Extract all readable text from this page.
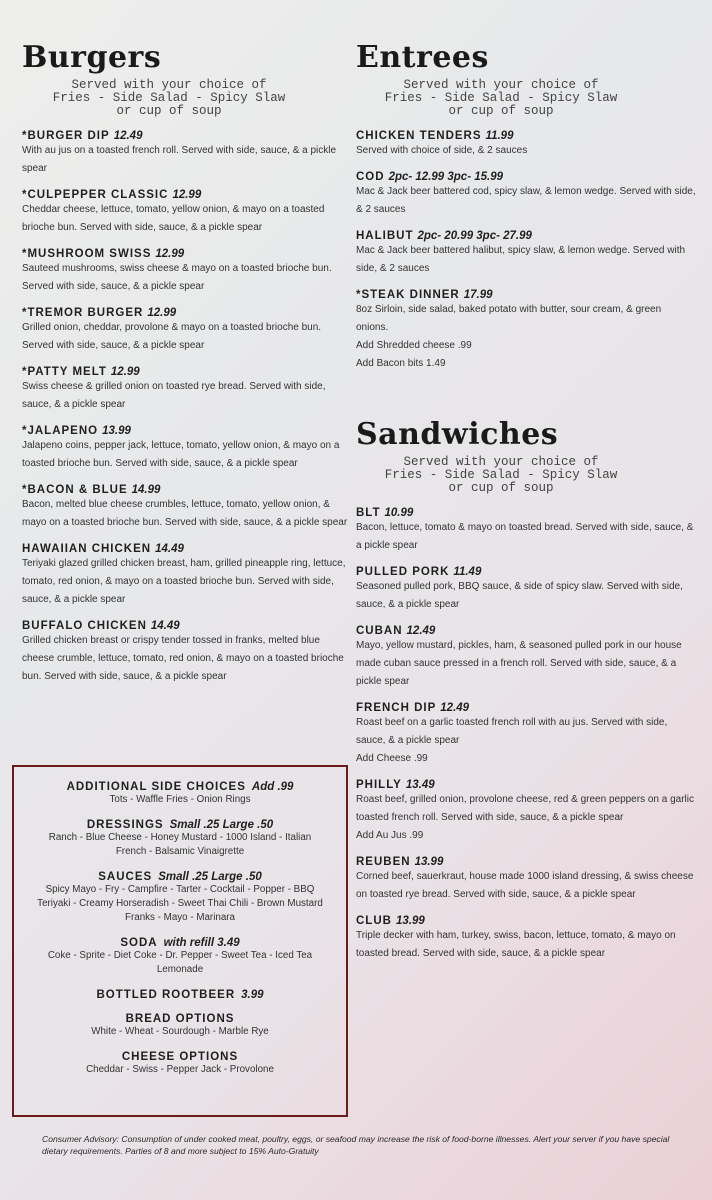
Burgers
Served with your choice of
Fries - Side Salad - Spicy Slaw
or cup of soup
*BURGER DIP 12.49
With au jus on a toasted french roll. Served with side, sauce, & a pickle spear
*CULPEPPER CLASSIC 12.99
Cheddar cheese, lettuce, tomato, yellow onion, & mayo on a toasted brioche bun. Served with side, sauce, & a pickle spear
*MUSHROOM SWISS 12.99
Sauteed mushrooms, swiss cheese & mayo on a toasted brioche bun. Served with side, sauce, & a pickle spear
*TREMOR BURGER 12.99
Grilled onion, cheddar, provolone & mayo on a toasted brioche bun. Served with side, sauce, & a pickle spear
*PATTY MELT 12.99
Swiss cheese & grilled onion on toasted rye bread. Served with side, sauce, & a pickle spear
*JALAPENO 13.99
Jalapeno coins, pepper jack, lettuce, tomato, yellow onion, & mayo on a toasted brioche bun. Served with side, sauce, & a pickle spear
*BACON & BLUE 14.99
Bacon, melted blue cheese crumbles, lettuce, tomato, yellow onion, & mayo on a toasted brioche bun. Served with side, sauce, & a pickle spear
HAWAIIAN CHICKEN 14.49
Teriyaki glazed grilled chicken breast, ham, grilled pineapple ring, lettuce, tomato, red onion, & mayo on a toasted brioche bun. Served with side, sauce, & a pickle spear
BUFFALO CHICKEN 14.49
Grilled chicken breast or crispy tender tossed in franks, melted blue cheese crumble, lettuce, tomato, red onion, & mayo on a toasted brioche bun. Served with side, sauce, & a pickle spear
Entrees
Served with your choice of
Fries - Side Salad - Spicy Slaw
or cup of soup
CHICKEN TENDERS 11.99
Served with choice of side, & 2 sauces
COD 2pc- 12.99 3pc- 15.99
Mac & Jack beer battered cod, spicy slaw, & lemon wedge. Served with side, & 2 sauces
HALIBUT 2pc- 20.99 3pc- 27.99
Mac & Jack beer battered halibut, spicy slaw, & lemon wedge. Served with side, & 2 sauces
*STEAK DINNER 17.99
8oz Sirloin, side salad, baked potato with butter, sour cream, & green onions.
Add Shredded cheese .99
Add Bacon bits 1.49
Sandwiches
Served with your choice of
Fries - Side Salad - Spicy Slaw
or cup of soup
BLT 10.99
Bacon, lettuce, tomato & mayo on toasted bread. Served with side, sauce, & a pickle spear
PULLED PORK 11.49
Seasoned pulled pork, BBQ sauce, & side of spicy slaw. Served with side, sauce, & a pickle spear
CUBAN 12.49
Mayo, yellow mustard, pickles, ham, & seasoned pulled pork in our house made cuban sauce pressed in a french roll. Served with side, sauce, & a pickle spear
FRENCH DIP 12.49
Roast beef on a garlic toasted french roll with au jus. Served with side, sauce, & a pickle spear
Add Cheese .99
PHILLY 13.49
Roast beef, grilled onion, provolone cheese, red & green peppers on a garlic toasted french roll. Served with side, sauce, & a pickle spear
Add Au Jus .99
REUBEN 13.99
Corned beef, sauerkraut, house made 1000 island dressing, & swiss cheese on toasted rye bread. Served with side, sauce, & a pickle spear
CLUB 13.99
Triple decker with ham, turkey, swiss, bacon, lettuce, tomato, & mayo on toasted bread. Served with side, sauce, & a pickle spear
ADDITIONAL SIDE CHOICES Add .99
Tots - Waffle Fries - Onion Rings
DRESSINGS Small .25 Large .50
Ranch - Blue Cheese - Honey Mustard - 1000 Island - Italian
French - Balsamic Vinaigrette
SAUCES Small .25 Large .50
Spicy Mayo - Fry - Campfire - Tarter - Cocktail - Popper - BBQ
Teriyaki - Creamy Horseradish - Sweet Thai Chili - Brown Mustard
Franks - Mayo - Marinara
SODA with refill 3.49
Coke - Sprite - Diet Coke - Dr. Pepper - Sweet Tea - Iced Tea
Lemonade
BOTTLED ROOTBEER 3.99
BREAD OPTIONS
White - Wheat - Sourdough - Marble Rye
CHEESE OPTIONS
Cheddar - Swiss - Pepper Jack - Provolone
Consumer Advisory: Consumption of under cooked meat, poultry, eggs, or seafood may increase the risk of food-borne illnesses. Alert your server if you have special dietary requirements. Parties of 8 and more subject to 15% Auto-Gratuity
